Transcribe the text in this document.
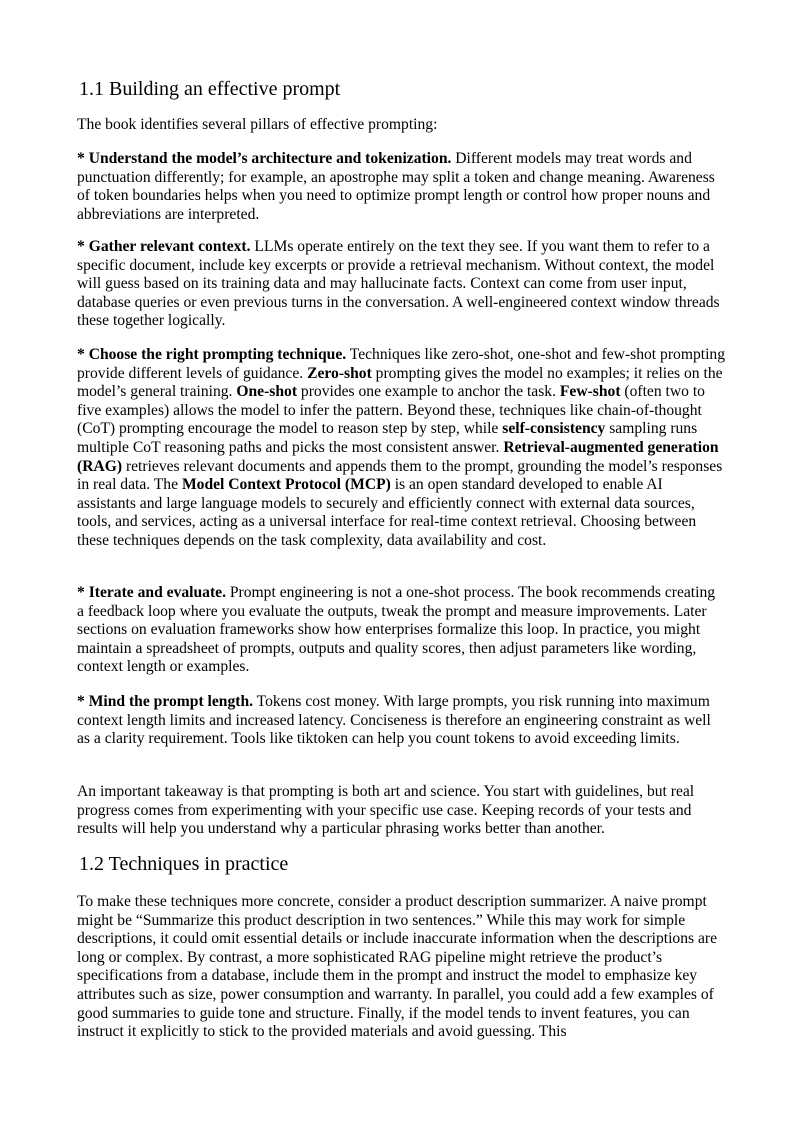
1.1 Building an effective prompt

The book identifies several pillars of effective prompting:

* Understand the model’s architecture and tokenization. Different models may treat words and punctuation differently; for example, an apostrophe may split a token and change meaning. Awareness of token boundaries helps when you need to optimize prompt length or control how proper nouns and abbreviations are interpreted.

* Gather relevant context. LLMs operate entirely on the text they see. If you want them to refer to a specific document, include key excerpts or provide a retrieval mechanism. Without context, the model will guess based on its training data and may hallucinate facts. Context can come from user input, database queries or even previous turns in the conversation. A well-engineered context window threads these together logically.

* Choose the right prompting technique. Techniques like zero-shot, one-shot and few-shot prompting provide different levels of guidance. Zero-shot prompting gives the model no examples; it relies on the model’s general training. One-shot provides one example to anchor the task. Few-shot (often two to five examples) allows the model to infer the pattern. Beyond these, techniques like chain-of-thought (CoT) prompting encourage the model to reason step by step, while self-consistency sampling runs multiple CoT reasoning paths and picks the most consistent answer. Retrieval-augmented generation (RAG) retrieves relevant documents and appends them to the prompt, grounding the model’s responses in real data. The Model Context Protocol (MCP) is an open standard developed to enable AI assistants and large language models to securely and efficiently connect with external data sources, tools, and services, acting as a universal interface for real-time context retrieval. Choosing between these techniques depends on the task complexity, data availability and cost.

* Iterate and evaluate. Prompt engineering is not a one-shot process. The book recommends creating a feedback loop where you evaluate the outputs, tweak the prompt and measure improvements. Later sections on evaluation frameworks show how enterprises formalize this loop. In practice, you might maintain a spreadsheet of prompts, outputs and quality scores, then adjust parameters like wording, context length or examples.

* Mind the prompt length. Tokens cost money. With large prompts, you risk running into maximum context length limits and increased latency. Conciseness is therefore an engineering constraint as well as a clarity requirement. Tools like tiktoken can help you count tokens to avoid exceeding limits.

An important takeaway is that prompting is both art and science. You start with guidelines, but real progress comes from experimenting with your specific use case. Keeping records of your tests and results will help you understand why a particular phrasing works better than another.

1.2 Techniques in practice

To make these techniques more concrete, consider a product description summarizer. A naive prompt might be “Summarize this product description in two sentences.” While this may work for simple descriptions, it could omit essential details or include inaccurate information when the descriptions are long or complex. By contrast, a more sophisticated RAG pipeline might retrieve the product’s specifications from a database, include them in the prompt and instruct the model to emphasize key attributes such as size, power consumption and warranty. In parallel, you could add a few examples of good summaries to guide tone and structure. Finally, if the model tends to invent features, you can instruct it explicitly to stick to the provided materials and avoid guessing. This
